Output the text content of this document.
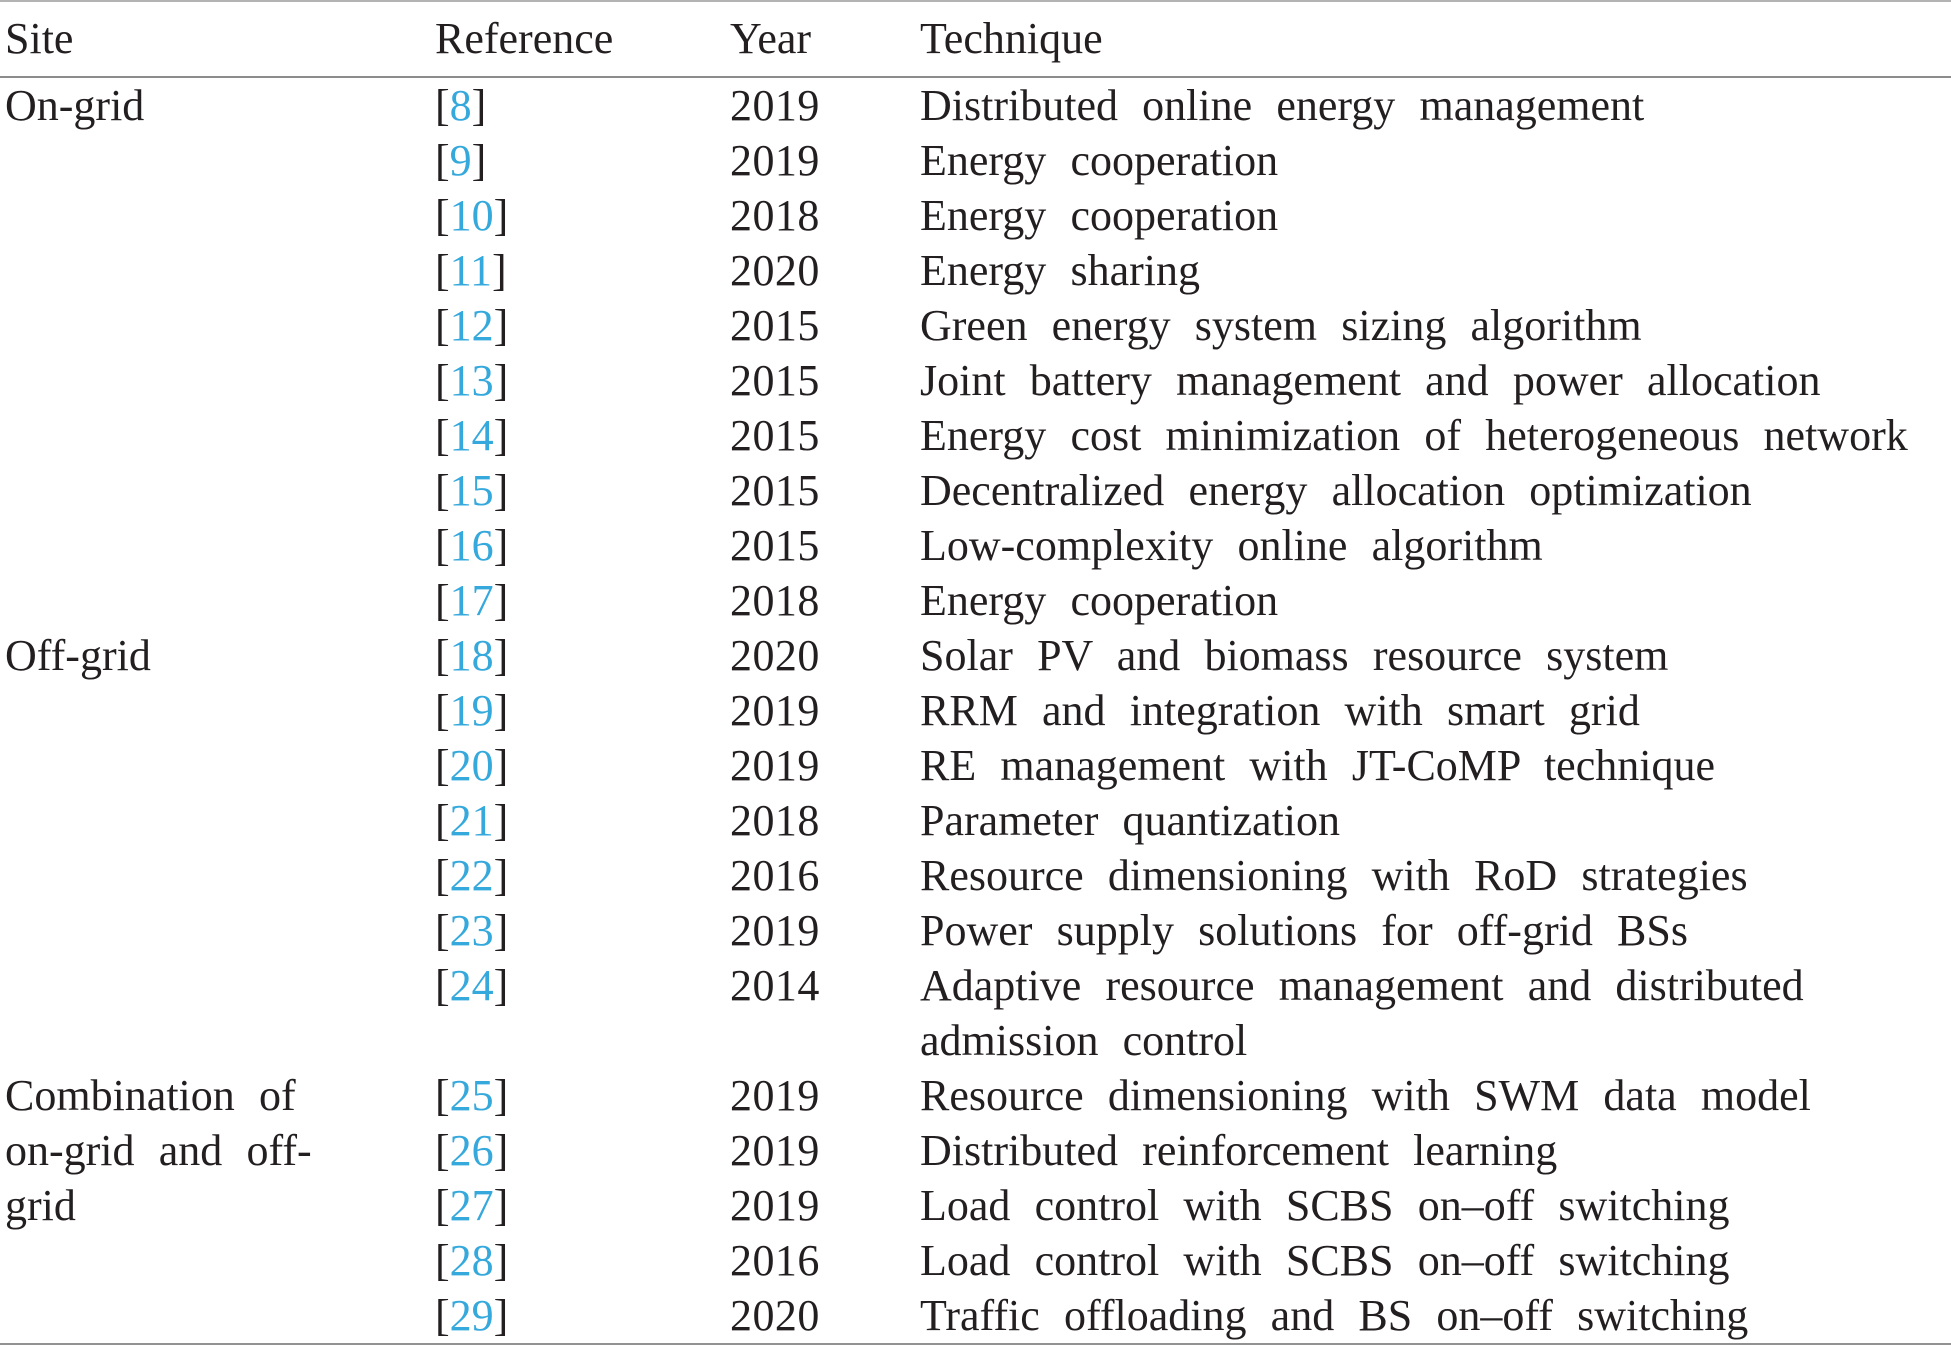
Site	Reference	Year	Technique

On-grid	[ 8 ]	2019	Distributed online energy management
	[ 9 ]	2019	Energy cooperation
	[ 10 ]	2018	Energy cooperation
	[ 11 ]	2020	Energy sharing
	[ 12 ]	2015	Green energy system sizing algorithm
	[ 13 ]	2015	Joint battery management and power allocation
	[ 14 ]	2015	Energy cost minimization of heterogeneous network
	[ 15 ]	2015	Decentralized energy allocation optimization
	[ 16 ]	2015	Low-complexity online algorithm
	[ 17 ]	2018	Energy cooperation

Off-grid	[ 18 ]	2020	Solar PV and biomass resource system
	[ 19 ]	2019	RRM and integration with smart grid
	[ 20 ]	2019	RE management with JT-CoMP technique
	[ 21 ]	2018	Parameter quantization
	[ 22 ]	2016	Resource dimensioning with RoD strategies
	[ 23 ]	2019	Power supply solutions for off-grid BSs
	[ 24 ]	2014	Adaptive resource management and distributed admission control

Combination of on-grid and off-grid	[ 25 ]	2019	Resource dimensioning with SWM data model
	[ 26 ]	2019	Distributed reinforcement learning
	[ 27 ]	2019	Load control with SCBS on–off switching
	[ 28 ]	2016	Load control with SCBS on–off switching
	[ 29 ]	2020	Traffic offloading and BS on–off switching
